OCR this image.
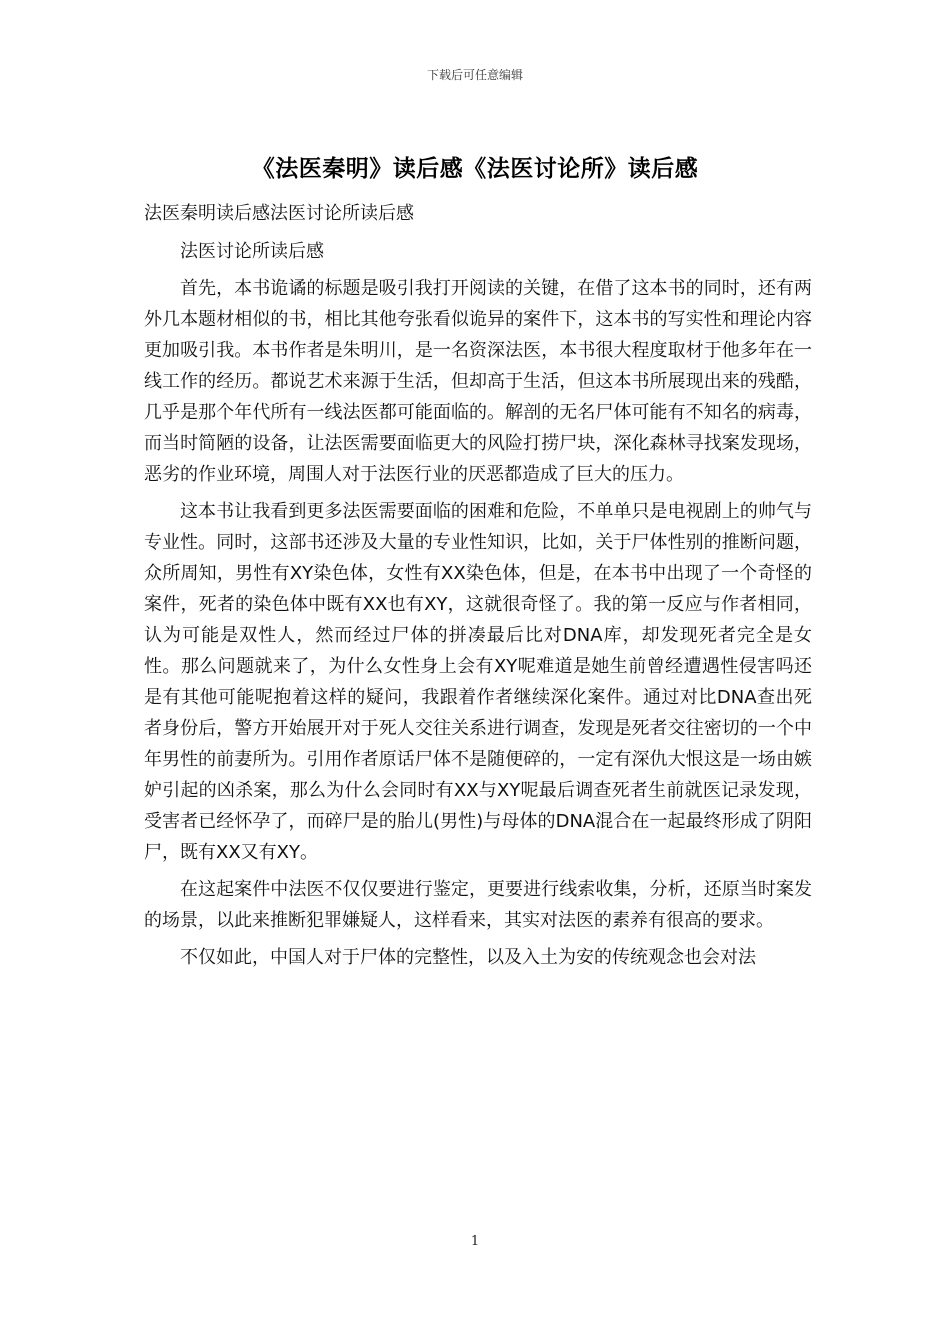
下载后可任意编辑
《法医秦明》读后感《法医讨论所》读后感

法医秦明读后感法医讨论所读后感

法医讨论所读后感

首先，本书诡谲的标题是吸引我打开阅读的关键，在借了这本书的同时，还有两外几本题材相似的书，相比其他夸张看似诡异的案件下，这本书的写实性和理论内容更加吸引我。本书作者是朱明川，是一名资深法医，本书很大程度取材于他多年在一线工作的经历。都说艺术来源于生活，但却高于生活，但这本书所展现出来的残酷，几乎是那个年代所有一线法医都可能面临的。解剖的无名尸体可能有不知名的病毒，而当时简陋的设备，让法医需要面临更大的风险打捞尸块，深化森林寻找案发现场，恶劣的作业环境，周围人对于法医行业的厌恶都造成了巨大的压力。

这本书让我看到更多法医需要面临的困难和危险，不单单只是电视剧上的帅气与专业性。同时，这部书还涉及大量的专业性知识，比如，关于尸体性别的推断问题，众所周知，男性有XY染色体，女性有XX染色体，但是，在本书中出现了一个奇怪的案件，死者的染色体中既有XX也有XY，这就很奇怪了。我的第一反应与作者相同，认为可能是双性人，然而经过尸体的拼凑最后比对DNA库，却发现死者完全是女性。那么问题就来了，为什么女性身上会有XY呢难道是她生前曾经遭遇性侵害吗还是有其他可能呢抱着这样的疑问，我跟着作者继续深化案件。通过对比DNA查出死者身份后，警方开始展开对于死人交往关系进行调查，发现是死者交往密切的一个中年男性的前妻所为。引用作者原话尸体不是随便碎的，一定有深仇大恨这是一场由嫉妒引起的凶杀案，那么为什么会同时有XX与XY呢最后调查死者生前就医记录发现，受害者已经怀孕了，而碎尸是的胎儿(男性)与母体的DNA混合在一起最终形成了阴阳尸，既有XX又有XY。

在这起案件中法医不仅仅要进行鉴定，更要进行线索收集，分析，还原当时案发的场景，以此来推断犯罪嫌疑人，这样看来，其实对法医的素养有很高的要求。

不仅如此，中国人对于尸体的完整性，以及入土为安的传统观念也会对法

1
